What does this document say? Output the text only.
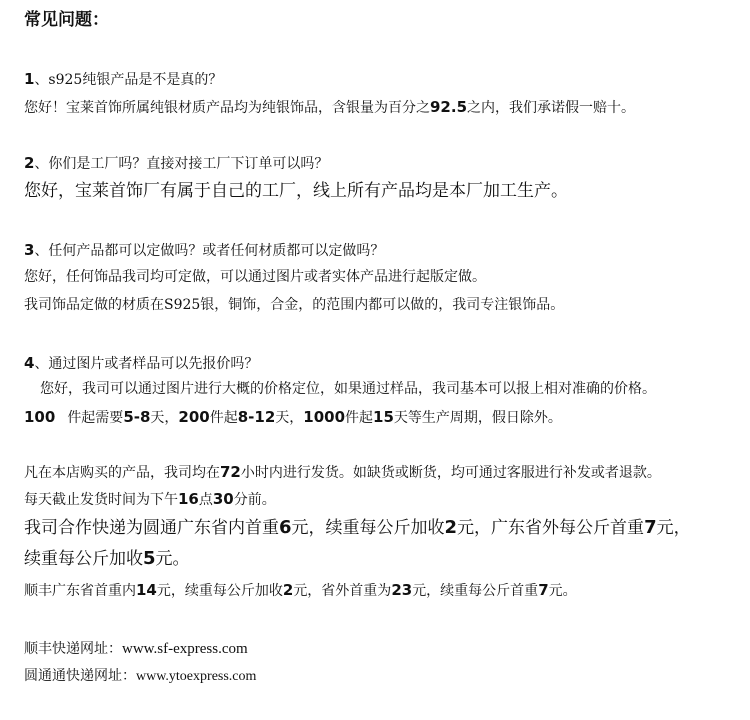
常见问题：
1、s925纯银产品是不是真的？
您好！宝莱首饰所属纯银材质产品均为纯银饰品，含银量为百分之92.5之内，我们承诺假一赔十。
2、你们是工厂吗？直接对接工厂下订单可以吗？
您好，宝莱首饰厂有属于自己的工厂，线上所有产品均是本厂加工生产。
3、任何产品都可以定做吗？或者任何材质都可以定做吗？
您好，任何饰品我司均可定做，可以通过图片或者实体产品进行起版定做。
我司饰品定做的材质在S925银，铜饰，合金，的范围内都可以做的，我司专注银饰品。
4、通过图片或者样品可以先报价吗？
您好，我司可以通过图片进行大概的价格定位，如果通过样品，我司基本可以报上相对准确的价格。
100 件起需要5-8天，200件起8-12天，1000件起15天等生产周期，假日除外。
凡在本店购买的产品，我司均在72小时内进行发货。如缺货或断货，均可通过客服进行补发或者退款。
每天截止发货时间为下午16点30分前。
我司合作快递为圆通广东省内首重6元，续重每公斤加收2元，广东省外每公斤首重7元，
续重每公斤加收5元。
顺丰广东省首重内14元，续重每公斤加收2元，省外首重为23元，续重每公斤首重7元。
顺丰快递网址：www.sf-express.com
圆通通快递网址：www.ytoexpress.com
